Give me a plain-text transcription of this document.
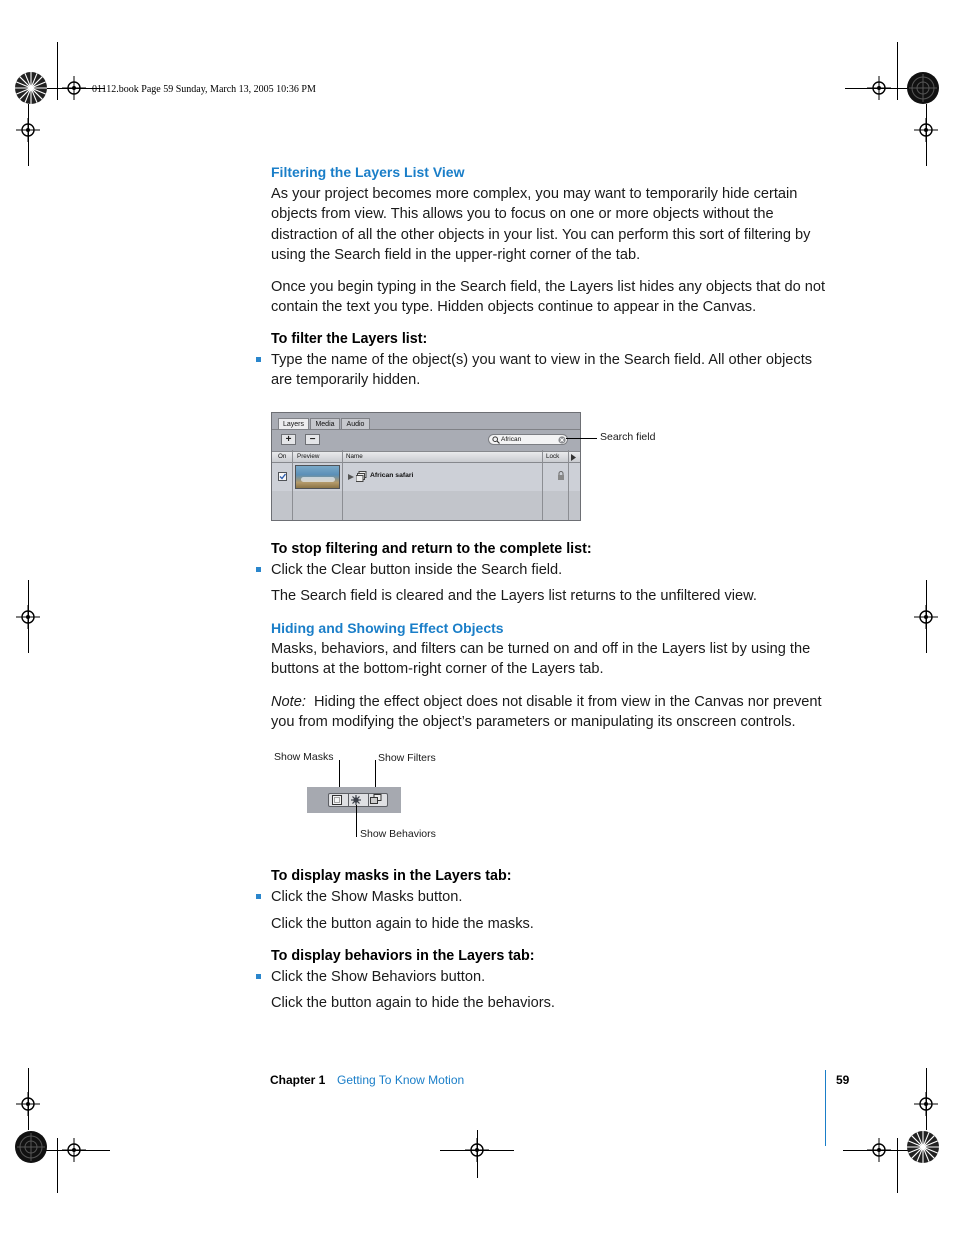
01112.book Page 59 Sunday, March 13, 2005 10:36 PM
Filtering the Layers List View
As your project becomes more complex, you may want to temporarily hide certain
objects from view. This allows you to focus on one or more objects without the
distraction of all the other objects in your list. You can perform this sort of filtering by
using the Search field in the upper-right corner of the tab.
Once you begin typing in the Search field, the Layers list hides any objects that do not
contain the text you type. Hidden objects continue to appear in the Canvas.
To filter the Layers list:
Type the name of the object(s) you want to view in the Search field. All other objects
are temporarily hidden.
Layers	Media	Audio
+	−	African
On Preview	Name	Lock
African safari
Search field
To stop filtering and return to the complete list:
Click the Clear button inside the Search field.
The Search field is cleared and the Layers list returns to the unfiltered view.
Hiding and Showing Effect Objects
Masks, behaviors, and filters can be turned on and off in the Layers list by using the
buttons at the bottom-right corner of the Layers tab.
Note: Hiding the effect object does not disable it from view in the Canvas nor prevent
you from modifying the object’s parameters or manipulating its onscreen controls.
Show Masks	Show Filters
Show Behaviors
To display masks in the Layers tab:
Click the Show Masks button.
Click the button again to hide the masks.
To display behaviors in the Layers tab:
Click the Show Behaviors button.
Click the button again to hide the behaviors.
Chapter 1 Getting To Know Motion	59
